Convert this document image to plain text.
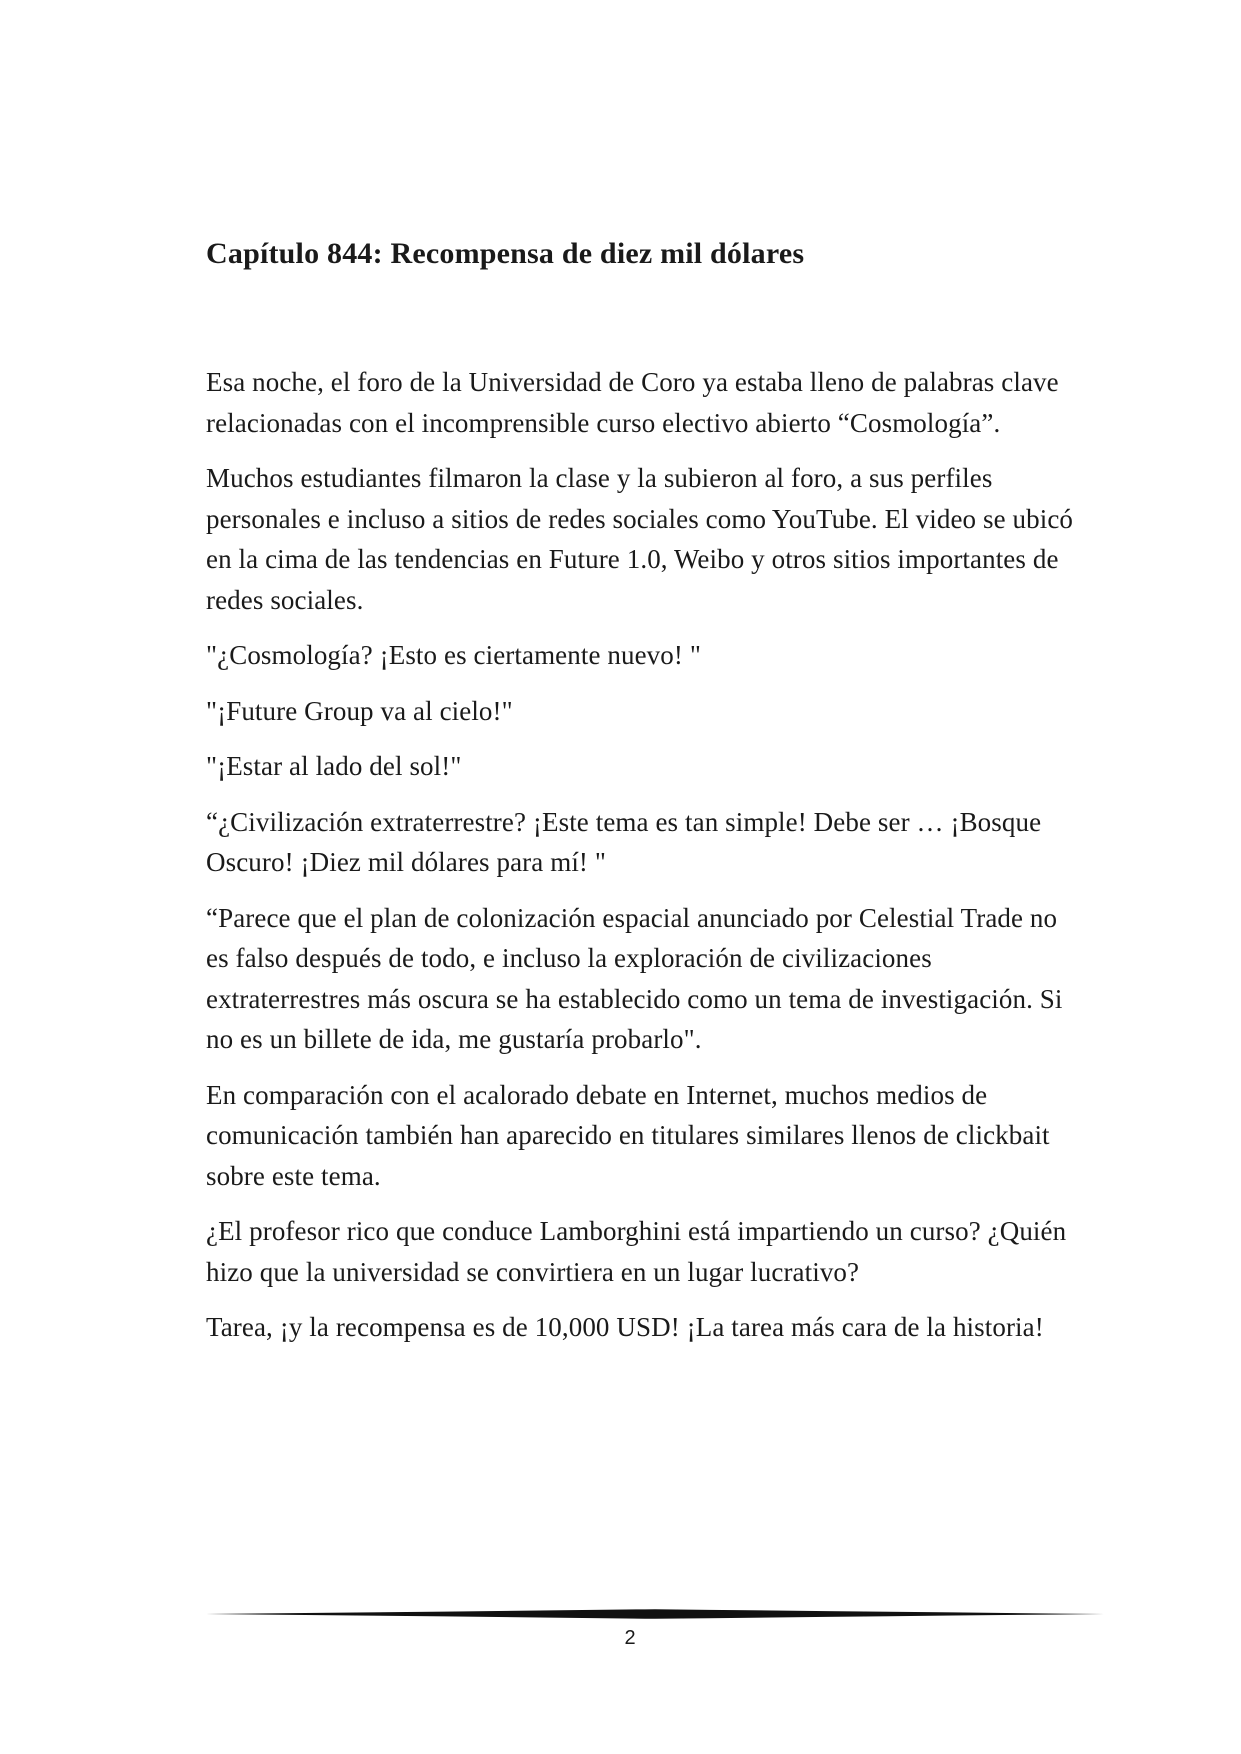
Capítulo 844: Recompensa de diez mil dólares

Esa noche, el foro de la Universidad de Coro ya estaba lleno de palabras clave relacionadas con el incomprensible curso electivo abierto “Cosmología”.

Muchos estudiantes filmaron la clase y la subieron al foro, a sus perfiles personales e incluso a sitios de redes sociales como YouTube. El video se ubicó en la cima de las tendencias en Future 1.0, Weibo y otros sitios importantes de redes sociales.

"¿Cosmología? ¡Esto es ciertamente nuevo! "

"¡Future Group va al cielo!"

"¡Estar al lado del sol!"

“¿Civilización extraterrestre? ¡Este tema es tan simple! Debe ser … ¡Bosque Oscuro! ¡Diez mil dólares para mí! "

“Parece que el plan de colonización espacial anunciado por Celestial Trade no es falso después de todo, e incluso la exploración de civilizaciones extraterrestres más oscura se ha establecido como un tema de investigación. Si no es un billete de ida, me gustaría probarlo".

En comparación con el acalorado debate en Internet, muchos medios de comunicación también han aparecido en titulares similares llenos de clickbait sobre este tema.

¿El profesor rico que conduce Lamborghini está impartiendo un curso? ¿Quién hizo que la universidad se convirtiera en un lugar lucrativo?

Tarea, ¡y la recompensa es de 10,000 USD! ¡La tarea más cara de la historia!

2
